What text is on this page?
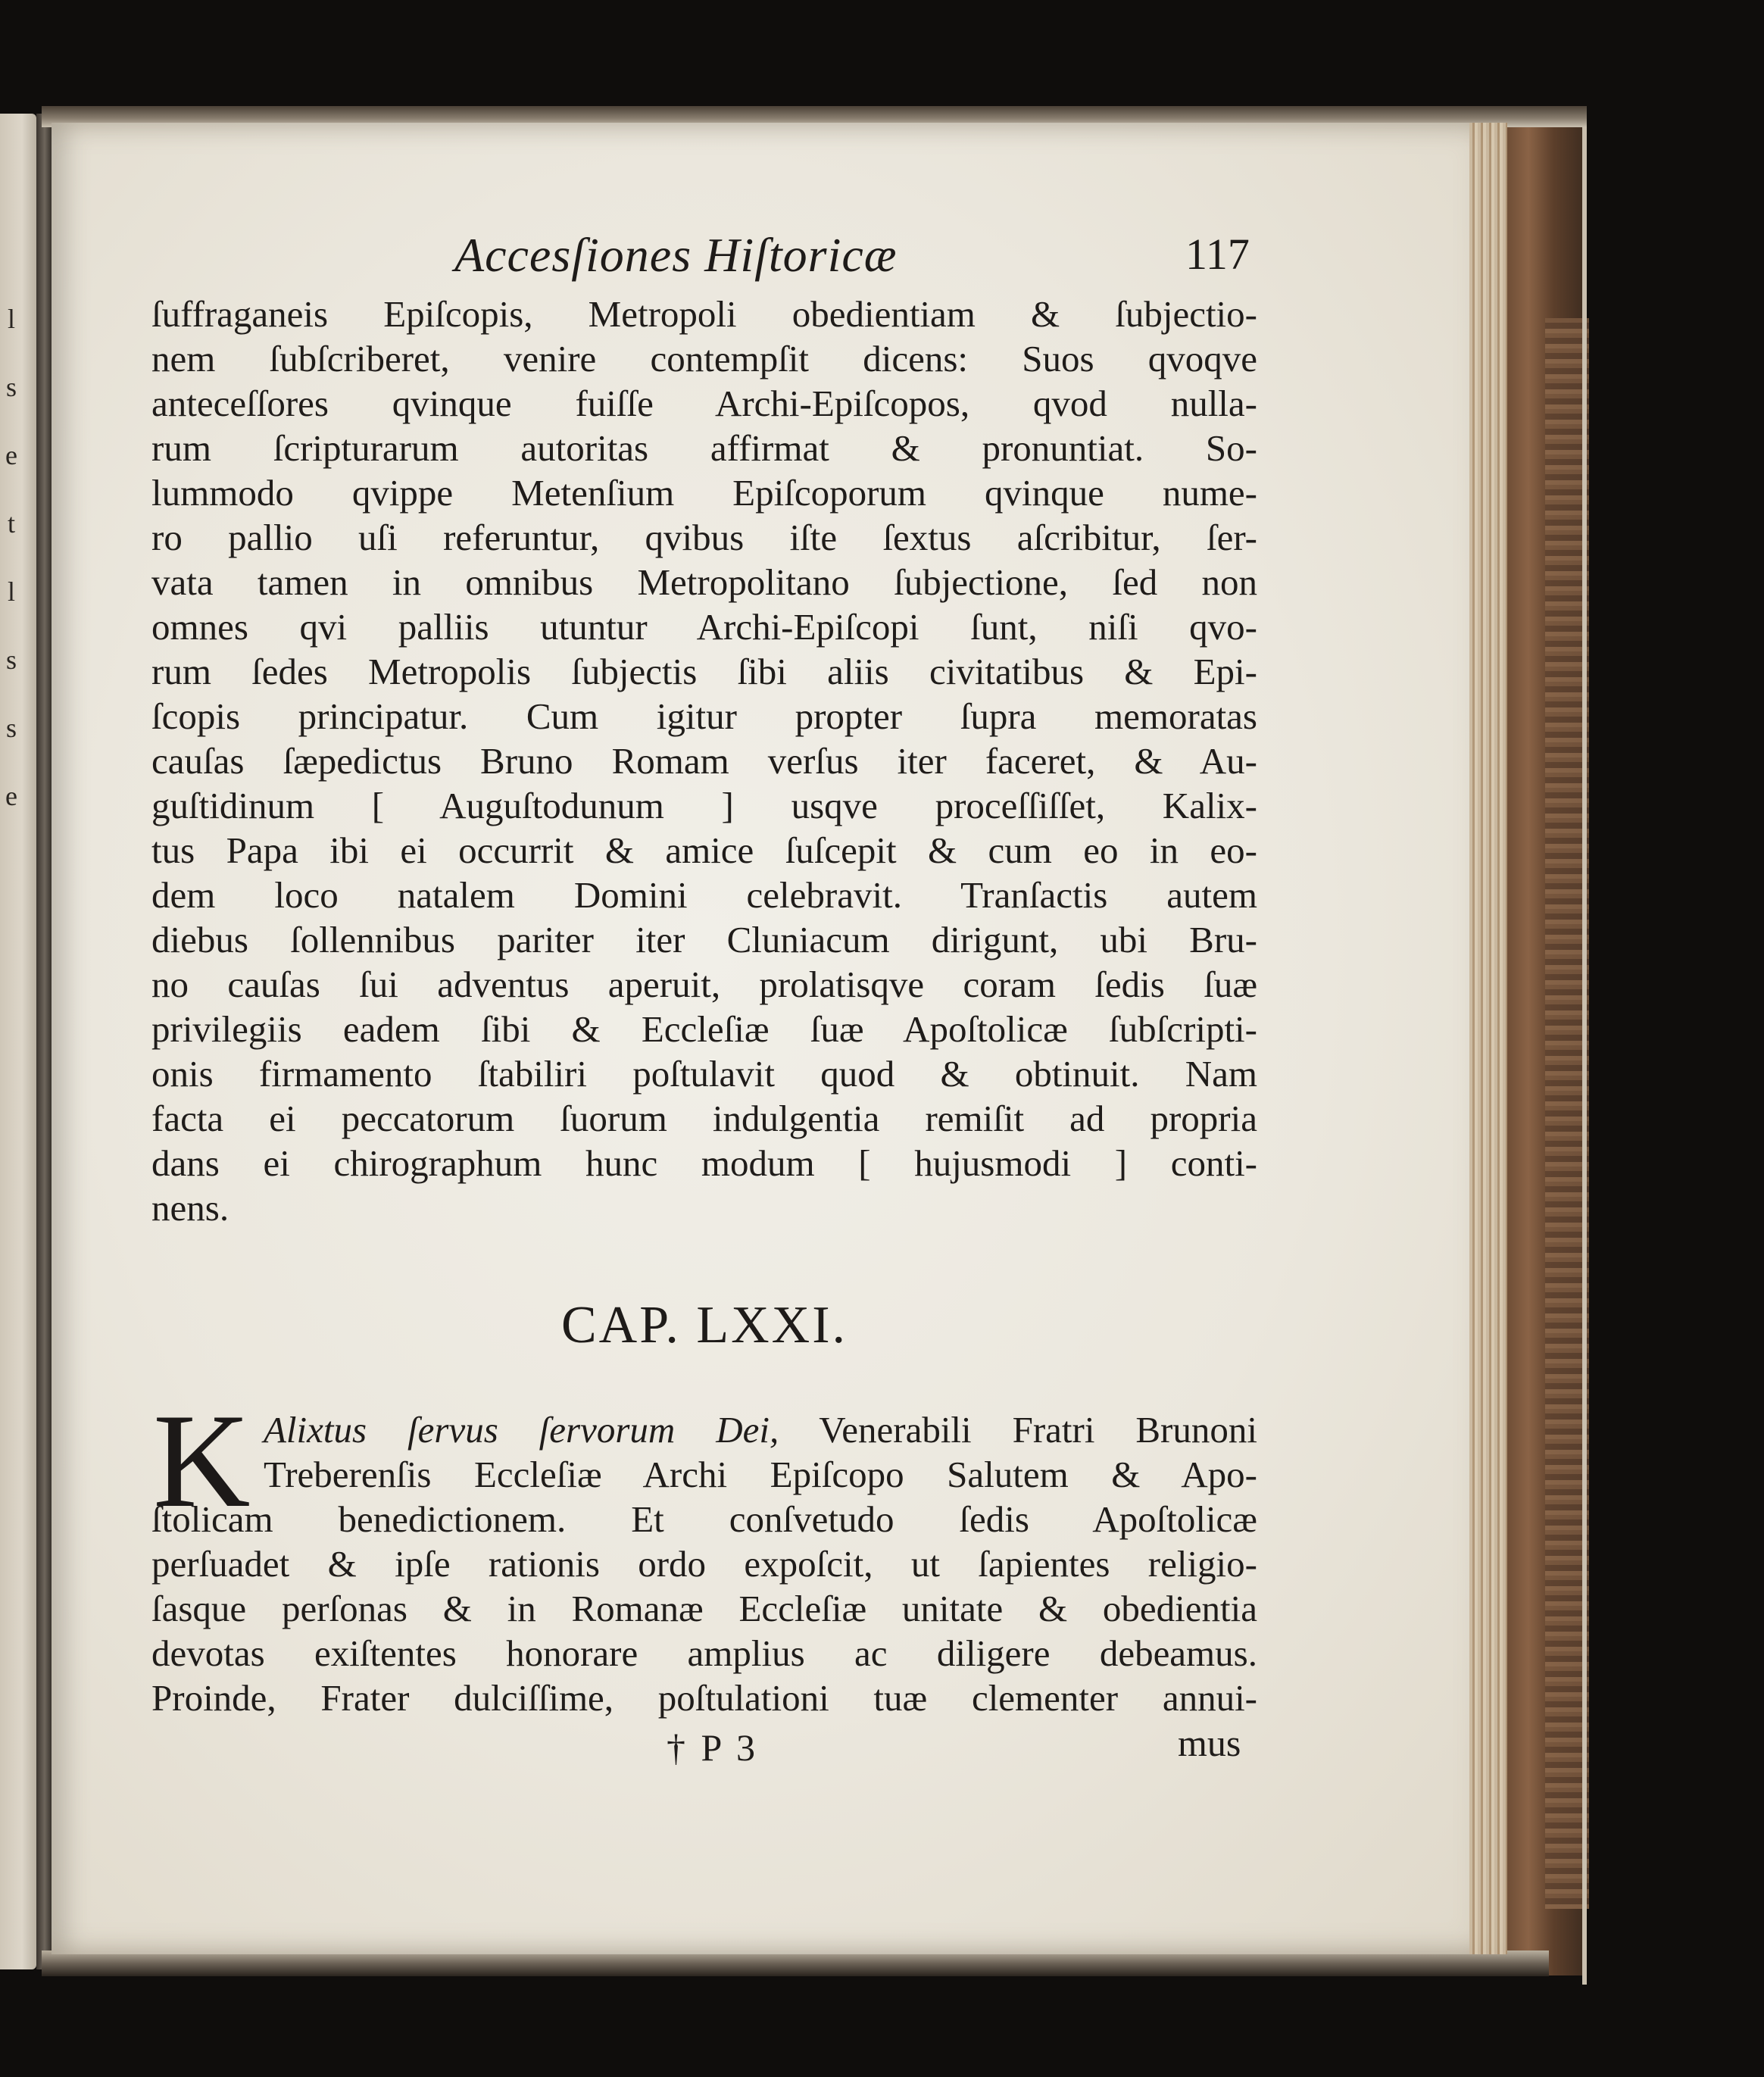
l
s
e
t
l
s
s
e
Accesſiones Hiſtoricæ	117
ſuffraganeis Epiſcopis, Metropoli obedientiam & ſubjectio-
nem ſubſcriberet, venire contempſit dicens: Suos qvoqve
anteceſſores qvinque fuiſſe Archi-Epiſcopos, qvod nulla-
rum ſcripturarum autoritas affirmat & pronuntiat. So-
lummodo qvippe Metenſium Epiſcoporum qvinque nume-
ro pallio uſi referuntur, qvibus iſte ſextus aſcribitur, ſer-
vata tamen in omnibus Metropolitano ſubjectione, ſed non
omnes qvi palliis utuntur Archi-Epiſcopi ſunt, niſi qvo-
rum ſedes Metropolis ſubjectis ſibi aliis civitatibus & Epi-
ſcopis principatur. Cum igitur propter ſupra memoratas
cauſas ſæpedictus Bruno Romam verſus iter faceret, & Au-
guſtidinum [ Auguſtodunum ] usqve proceſſiſſet, Kalix-
tus Papa ibi ei occurrit & amice ſuſcepit & cum eo in eo-
dem loco natalem Domini celebravit. Tranſactis autem
diebus ſollennibus pariter iter Cluniacum dirigunt, ubi Bru-
no cauſas ſui adventus aperuit, prolatisqve coram ſedis ſuæ
privilegiis eadem ſibi & Eccleſiæ ſuæ Apoſtolicæ ſubſcripti-
onis firmamento ſtabiliri poſtulavit quod & obtinuit. Nam
facta ei peccatorum ſuorum indulgentia remiſit ad propria
dans ei chirographum hunc modum [ hujusmodi ] conti-
nens.
CAP. LXXI.
K Alixtus ſervus ſervorum Dei, Venerabili Fratri Brunoni
Treberenſis Eccleſiæ Archi Epiſcopo Salutem & Apo-
ſtolicam benedictionem. Et conſvetudo ſedis Apoſtolicæ
perſuadet & ipſe rationis ordo expoſcit, ut ſapientes religio-
ſasque perſonas & in Romanæ Eccleſiæ unitate & obedientia
devotas exiſtentes honorare amplius ac diligere debeamus.
Proinde, Frater dulciſſime, poſtulationi tuæ clementer annui-
† P 3	mus
